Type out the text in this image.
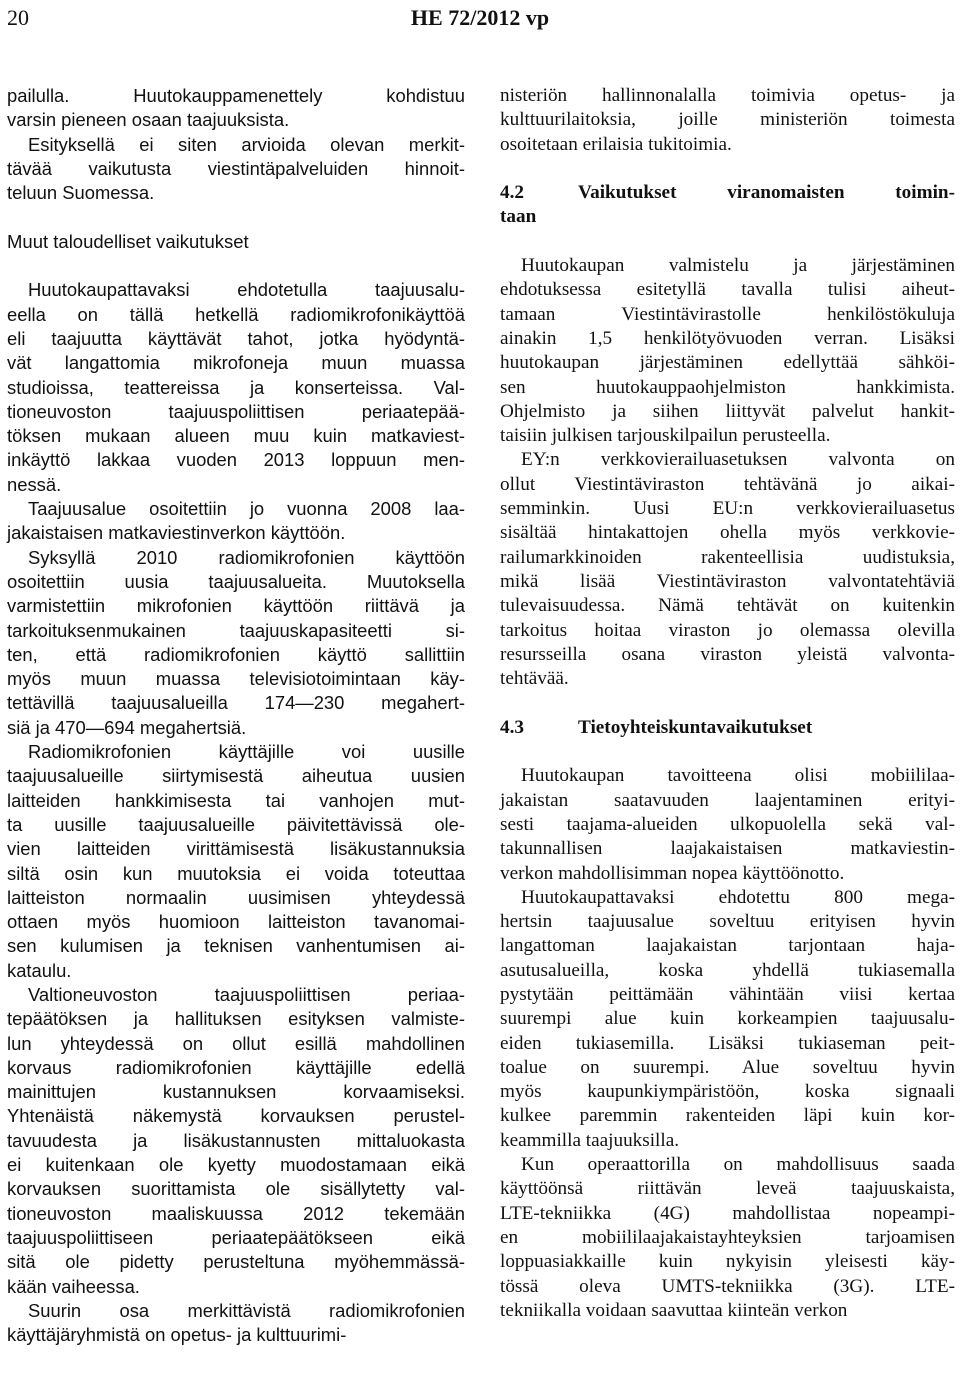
20	HE 72/2012 vp
pailulla. Huutokauppamenettely kohdistuu
varsin pieneen osaan taajuuksista.
Esityksellä ei siten arvioida olevan merkit-
tävää vaikutusta viestintäpalveluiden hinnoit-
teluun Suomessa.
Muut taloudelliset vaikutukset
Huutokaupattavaksi ehdotetulla taajuusalu-
eella on tällä hetkellä radiomikrofonikäyttöä
eli taajuutta käyttävät tahot, jotka hyödyntä-
vät langattomia mikrofoneja muun muassa
studioissa, teattereissa ja konserteissa. Val-
tioneuvoston taajuuspoliittisen periaatepää-
töksen mukaan alueen muu kuin matkaviest-
inkäyttö lakkaa vuoden 2013 loppuun men-
nessä.
Taajuusalue osoitettiin jo vuonna 2008 laa-
jakaistaisen matkaviestinverkon käyttöön.
Syksyllä 2010 radiomikrofonien käyttöön
osoitettiin uusia taajuusalueita. Muutoksella
varmistettiin mikrofonien käyttöön riittävä ja
tarkoituksenmukainen taajuuskapasiteetti si-
ten, että radiomikrofonien käyttö sallittiin
myös muun muassa televisiotoimintaan käy-
tettävillä taajuusalueilla 174—230 megahert-
siä ja 470—694 megahertsiä.
Radiomikrofonien käyttäjille voi uusille
taajuusalueille siirtymisestä aiheutua uusien
laitteiden hankkimisesta tai vanhojen mut-
ta uusille taajuusalueille päivitettävissä ole-
vien laitteiden virittämisestä lisäkustannuksia
siltä osin kun muutoksia ei voida toteuttaa
laitteiston normaalin uusimisen yhteydessä
ottaen myös huomioon laitteiston tavanomai-
sen kulumisen ja teknisen vanhentumisen ai-
kataulu.
Valtioneuvoston taajuuspoliittisen periaa-
tepäätöksen ja hallituksen esityksen valmiste-
lun yhteydessä on ollut esillä mahdollinen
korvaus radiomikrofonien käyttäjille edellä
mainittujen kustannuksen korvaamiseksi.
Yhtenäistä näkemystä korvauksen perustel-
tavuudesta ja lisäkustannusten mittaluokasta
ei kuitenkaan ole kyetty muodostamaan eikä
korvauksen suorittamista ole sisällytetty val-
tioneuvoston maaliskuussa 2012 tekemään
taajuuspoliittiseen periaatepäätökseen eikä
sitä ole pidetty perusteltuna myöhemmässä-
kään vaiheessa.
Suurin osa merkittävistä radiomikrofonien
käyttäjäryhmistä on opetus- ja kulttuurimi-
nisteriön hallinnonalalla toimivia opetus- ja
kulttuurilaitoksia, joille ministeriön toimesta
osoitetaan erilaisia tukitoimia.
4.2	Vaikutukset viranomaisten toimin-
taan
Huutokaupan valmistelu ja järjestäminen
ehdotuksessa esitetyllä tavalla tulisi aiheut-
tamaan Viestintävirastolle henkilöstökuluja
ainakin 1,5 henkilötyövuoden verran. Lisäksi
huutokaupan järjestäminen edellyttää sähköi-
sen huutokauppaohjelmiston hankkimista.
Ohjelmisto ja siihen liittyvät palvelut hankit-
taisiin julkisen tarjouskilpailun perusteella.
EY:n verkkovierailuasetuksen valvonta on
ollut Viestintäviraston tehtävänä jo aikai-
semminkin. Uusi EU:n verkkovierailuasetus
sisältää hintakattojen ohella myös verkkovie-
railumarkkinoiden rakenteellisia uudistuksia,
mikä lisää Viestintäviraston valvontatehtäviä
tulevaisuudessa. Nämä tehtävät on kuitenkin
tarkoitus hoitaa viraston jo olemassa olevilla
resursseilla osana viraston yleistä valvonta-
tehtävää.
4.3	Tietoyhteiskuntavaikutukset
Huutokaupan tavoitteena olisi mobiililaa-
jakaistan saatavuuden laajentaminen erityi-
sesti taajama-alueiden ulkopuolella sekä val-
takunnallisen laajakaistaisen matkaviestin-
verkon mahdollisimman nopea käyttöönotto.
Huutokaupattavaksi ehdotettu 800 mega-
hertsin taajuusalue soveltuu erityisen hyvin
langattoman laajakaistan tarjontaan haja-
asutusalueilla, koska yhdellä tukiasemalla
pystytään peittämään vähintään viisi kertaa
suurempi alue kuin korkeampien taajuusalu-
eiden tukiasemilla. Lisäksi tukiaseman peit-
toalue on suurempi. Alue soveltuu hyvin
myös kaupunkiympäristöön, koska signaali
kulkee paremmin rakenteiden läpi kuin kor-
keammilla taajuuksilla.
Kun operaattorilla on mahdollisuus saada
käyttöönsä riittävän leveä taajuuskaista,
LTE-tekniikka (4G) mahdollistaa nopeampi-
en mobiililaajakaistayhteyksien tarjoamisen
loppuasiakkaille kuin nykyisin yleisesti käy-
tössä oleva UMTS-tekniikka (3G). LTE-
tekniikalla voidaan saavuttaa kiinteän verkon
